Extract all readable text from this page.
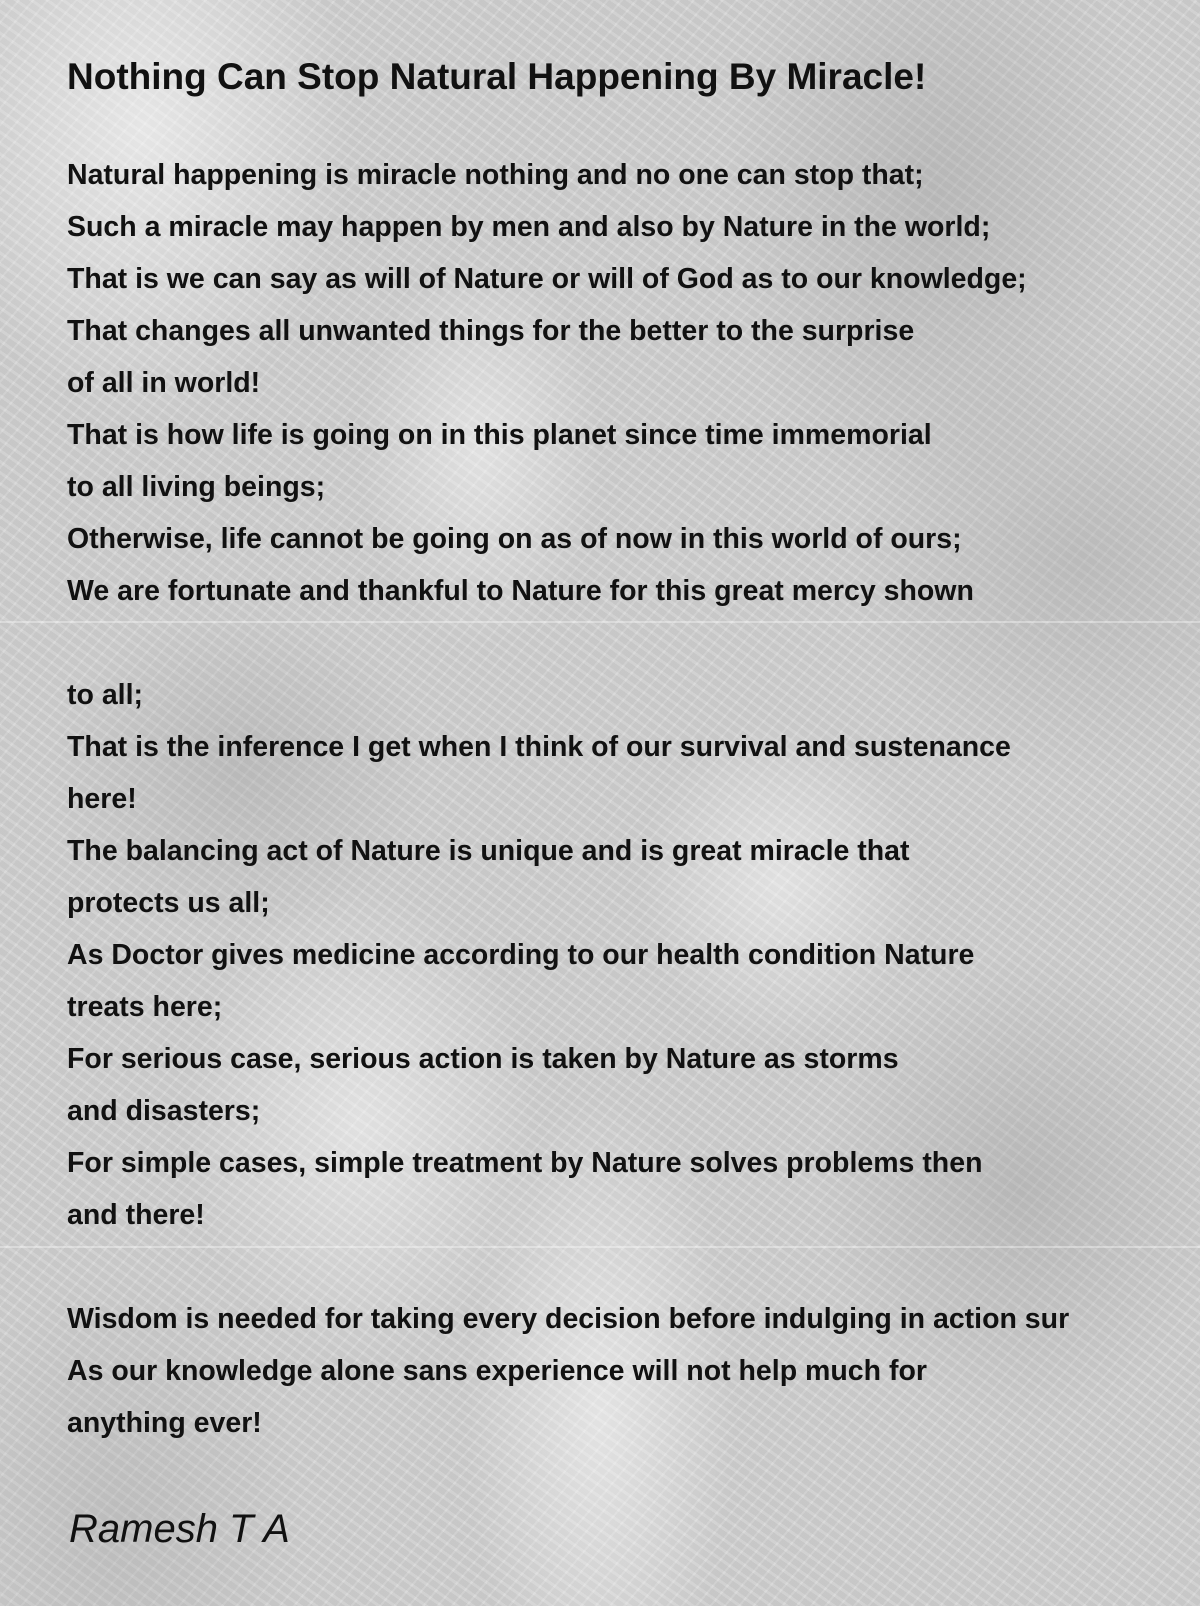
Nothing Can Stop Natural Happening By Miracle!
Natural happening is miracle nothing and no one can stop that;
Such a miracle may happen by men and also by Nature in the world;
That is we can say as will of Nature or will of God as to our knowledge;
That changes all unwanted things for the better to the surprise
of all in world!
That is how life is going on in this planet since time immemorial
to all living beings;
Otherwise, life cannot be going on as of now in this world of ours;
We are fortunate and thankful to Nature for this great mercy shown
to all;
That is the inference I get when I think of our survival and sustenance
here!
The balancing act of Nature is unique and is great miracle that
protects us all;
As Doctor gives medicine according to our health condition Nature
treats here;
For serious case, serious action is taken by Nature as storms
and disasters;
For simple cases, simple treatment by Nature solves problems then
and there!
Wisdom is needed for taking every decision before indulging in action sur
As our knowledge alone sans experience will not help much for
anything ever!
Ramesh T A
